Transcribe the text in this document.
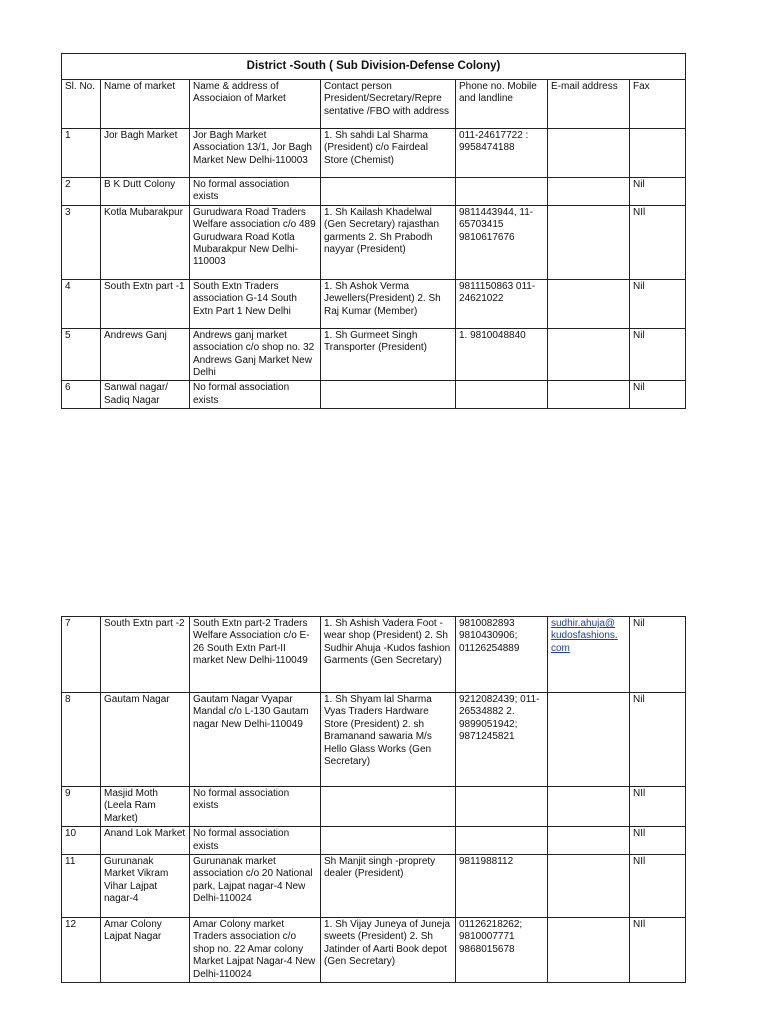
District -South ( Sub Division-Defense Colony)						
Sl. No.	Name of market	Name & address of Associaion of Market	Contact person President/Secretary/Repre sentative /FBO with address	Phone no. Mobile and landline	E-mail address	Fax
1	Jor Bagh Market	Jor Bagh Market Association 13/1, Jor Bagh Market New Delhi-110003	1. Sh sahdi Lal Sharma (President) c/o Fairdeal Store (Chemist)	011-24617722 : 9958474188		
2	B K Dutt Colony	No formal association exists				Nil
3	Kotla Mubarakpur	Gurudwara Road Traders Welfare association c/o 489 Gurudwara Road Kotla Mubarakpur New Delhi-110003	1. Sh Kailash Khadelwal (Gen Secretary) rajasthan garments 2. Sh Prabodh nayyar (President)	9811443944, 11-65703415 9810617676		NIl
4	South Extn part -1	South Extn Traders association G-14 South Extn Part 1 New Delhi	1. Sh Ashok Verma Jewellers(President) 2. Sh Raj Kumar (Member)	9811150863 011-24621022		Nil
5	Andrews Ganj	Andrews ganj market association c/o shop no. 32 Andrews Ganj Market New Delhi	1. Sh Gurmeet Singh Transporter (President)	1. 9810048840		Nil
6	Sanwal nagar/ Sadiq Nagar	No formal association exists				Nil
7	South Extn part -2	South Extn part-2 Traders Welfare Association c/o E-26 South Extn Part-II market New Delhi-110049	1. Sh Ashish Vadera Foot - wear shop (President) 2. Sh Sudhir Ahuja -Kudos fashion Garments (Gen Secretary)	9810082893 9810430906; 01126254889	sudhir.ahuja@ kudosfashions. com	Nil
8	Gautam Nagar	Gautam Nagar Vyapar Mandal c/o L-130 Gautam nagar New Delhi-110049	1. Sh Shyam lal Sharma Vyas Traders Hardware Store (President) 2. sh Bramanand sawaria M/s Hello Glass Works (Gen Secretary)	9212082439; 011-26534882 2. 9899051942; 9871245821		Nil
9	Masjid Moth (Leela Ram Market)	No formal association exists				NIl
10	Anand Lok Market	No formal association exists				NIl
11	Gurunanak Market Vikram Vihar Lajpat nagar-4	Gurunanak market association c/o 20 National park, Lajpat nagar-4 New Delhi-110024	Sh Manjit singh -proprety dealer (President)	9811988112		NIl
12	Amar Colony Lajpat Nagar	Amar Colony market Traders association c/o shop no. 22 Amar colony Market Lajpat Nagar-4 New Delhi-110024	1. Sh Vijay Juneya of Juneja sweets (President) 2. Sh Jatinder of Aarti Book depot (Gen Secretary)	01126218262; 9810007771 9868015678		NIl
